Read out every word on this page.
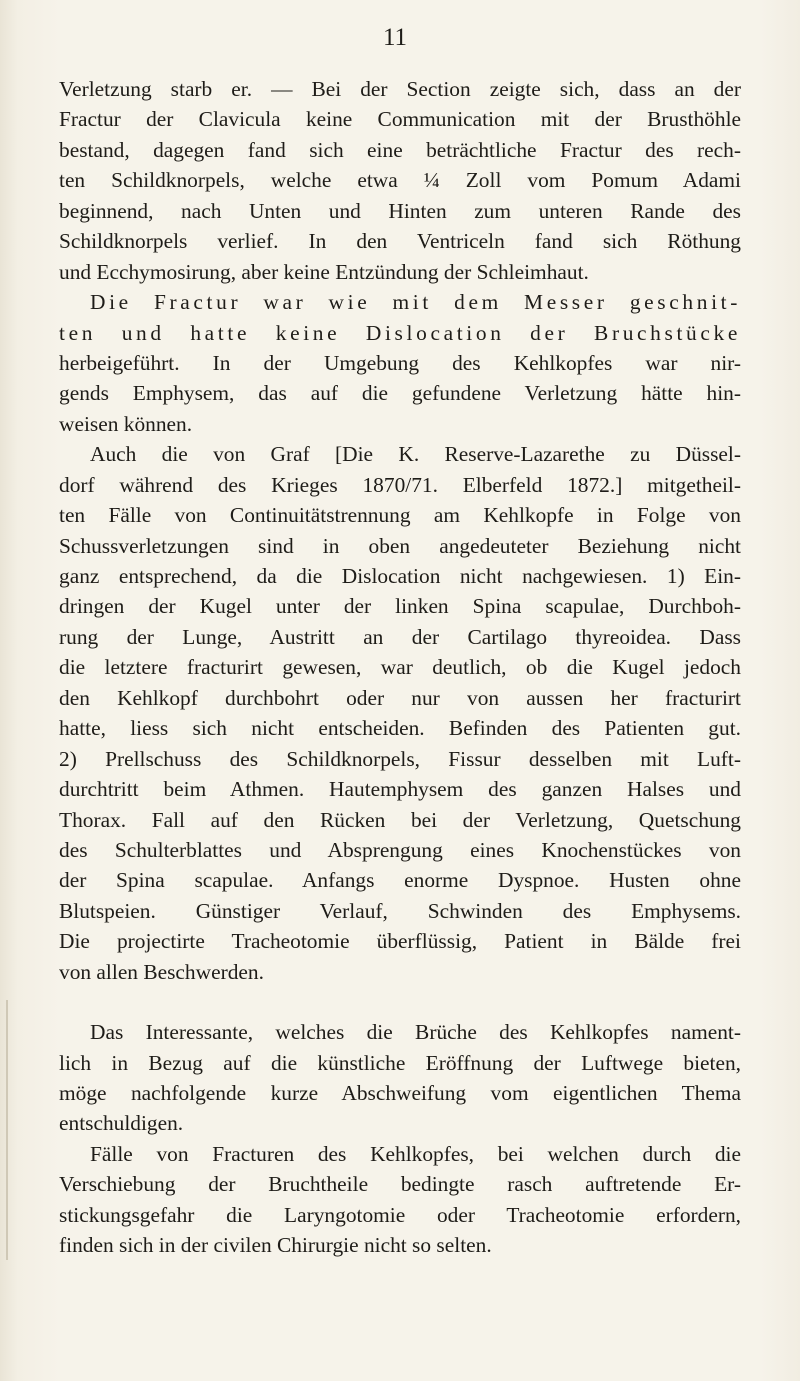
11
Verletzung starb er. — Bei der Section zeigte sich, dass an der
Fractur der Clavicula keine Communication mit der Brusthöhle
bestand, dagegen fand sich eine beträchtliche Fractur des rech-
ten Schildknorpels, welche etwa ¼ Zoll vom Pomum Adami
beginnend, nach Unten und Hinten zum unteren Rande des
Schildknorpels verlief. In den Ventriceln fand sich Röthung
und Ecchymosirung, aber keine Entzündung der Schleimhaut.
Die Fractur war wie mit dem Messer geschnit-
ten und hatte keine Dislocation der Bruchstücke
herbeigeführt. In der Umgebung des Kehlkopfes war nir-
gends Emphysem, das auf die gefundene Verletzung hätte hin-
weisen können.
Auch die von Graf [Die K. Reserve-Lazarethe zu Düssel-
dorf während des Krieges 1870/71. Elberfeld 1872.] mitgetheil-
ten Fälle von Continuitätstrennung am Kehlkopfe in Folge von
Schussverletzungen sind in oben angedeuteter Beziehung nicht
ganz entsprechend, da die Dislocation nicht nachgewiesen. 1) Ein-
dringen der Kugel unter der linken Spina scapulae, Durchboh-
rung der Lunge, Austritt an der Cartilago thyreoidea. Dass
die letztere fracturirt gewesen, war deutlich, ob die Kugel jedoch
den Kehlkopf durchbohrt oder nur von aussen her fracturirt
hatte, liess sich nicht entscheiden. Befinden des Patienten gut.
2) Prellschuss des Schildknorpels, Fissur desselben mit Luft-
durchtritt beim Athmen. Hautemphysem des ganzen Halses und
Thorax. Fall auf den Rücken bei der Verletzung, Quetschung
des Schulterblattes und Absprengung eines Knochenstückes von
der Spina scapulae. Anfangs enorme Dyspnoe. Husten ohne
Blutspeien. Günstiger Verlauf, Schwinden des Emphysems.
Die projectirte Tracheotomie überflüssig, Patient in Bälde frei
von allen Beschwerden.
Das Interessante, welches die Brüche des Kehlkopfes nament-
lich in Bezug auf die künstliche Eröffnung der Luftwege bieten,
möge nachfolgende kurze Abschweifung vom eigentlichen Thema
entschuldigen.
Fälle von Fracturen des Kehlkopfes, bei welchen durch die
Verschiebung der Bruchtheile bedingte rasch auftretende Er-
stickungsgefahr die Laryngotomie oder Tracheotomie erfordern,
finden sich in der civilen Chirurgie nicht so selten.
